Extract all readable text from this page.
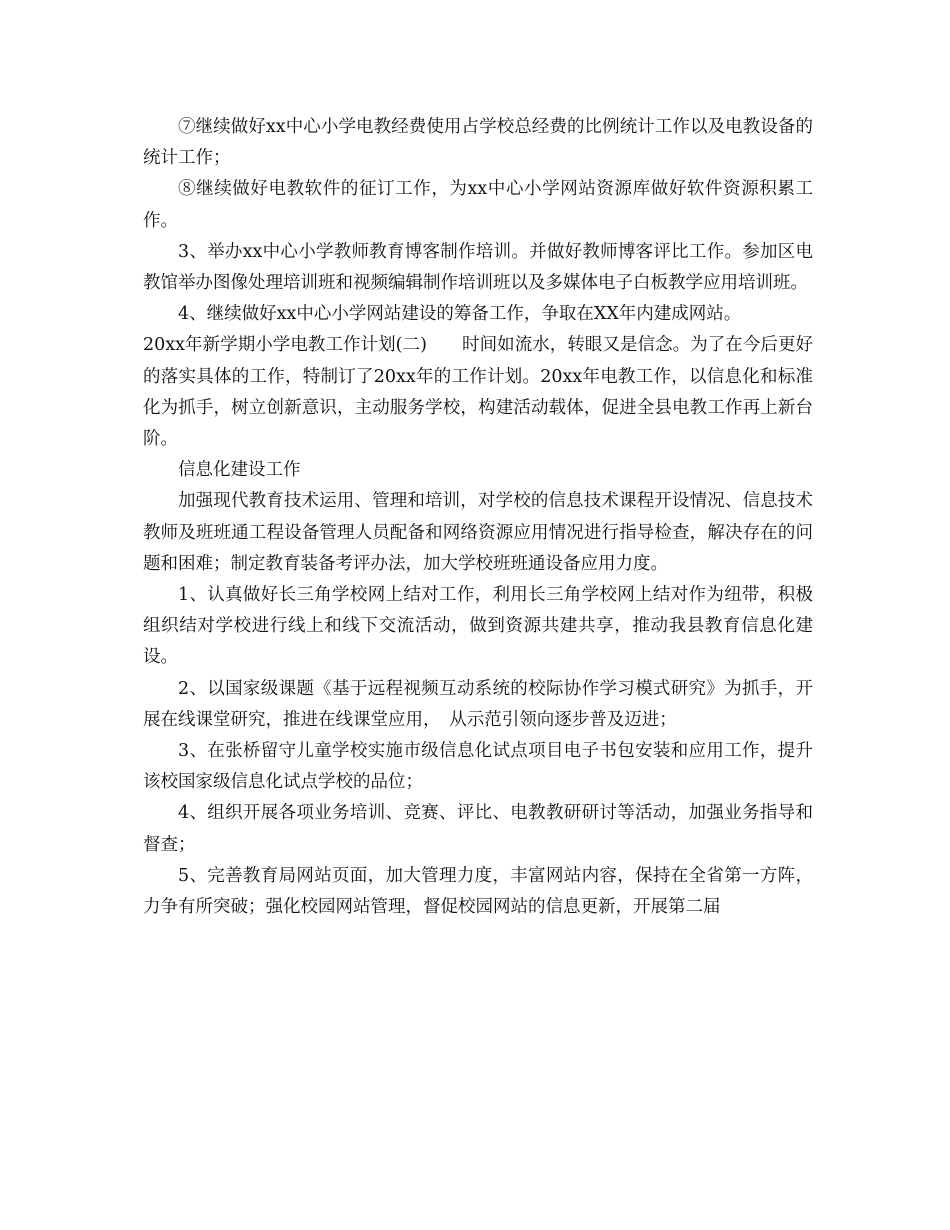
⑦继续做好xx中心小学电教经费使用占学校总经费的比例统计工作以及电教设备的统计工作；

⑧继续做好电教软件的征订工作，为xx中心小学网站资源库做好软件资源积累工作。

3、举办xx中心小学教师教育博客制作培训。并做好教师博客评比工作。参加区电教馆举办图像处理培训班和视频编辑制作培训班以及多媒体电子白板教学应用培训班。

4、继续做好xx中心小学网站建设的筹备工作，争取在XX年内建成网站。

20xx年新学期小学电教工作计划(二)　　时间如流水，转眼又是信念。为了在今后更好的落实具体的工作，特制订了20xx年的工作计划。20xx年电教工作，以信息化和标准化为抓手，树立创新意识，主动服务学校，构建活动载体，促进全县电教工作再上新台阶。

信息化建设工作

加强现代教育技术运用、管理和培训，对学校的信息技术课程开设情况、信息技术教师及班班通工程设备管理人员配备和网络资源应用情况进行指导检查，解决存在的问题和困难；制定教育装备考评办法，加大学校班班通设备应用力度。

1、认真做好长三角学校网上结对工作，利用长三角学校网上结对作为纽带，积极组织结对学校进行线上和线下交流活动，做到资源共建共享，推动我县教育信息化建设。

2、以国家级课题《基于远程视频互动系统的校际协作学习模式研究》为抓手，开展在线课堂研究，推进在线课堂应用，　从示范引领向逐步普及迈进；

3、在张桥留守儿童学校实施市级信息化试点项目电子书包安装和应用工作，提升该校国家级信息化试点学校的品位；

4、组织开展各项业务培训、竞赛、评比、电教教研研讨等活动，加强业务指导和督查；

5、完善教育局网站页面，加大管理力度，丰富网站内容，保持在全省第一方阵，力争有所突破；强化校园网站管理，督促校园网站的信息更新，开展第二届
